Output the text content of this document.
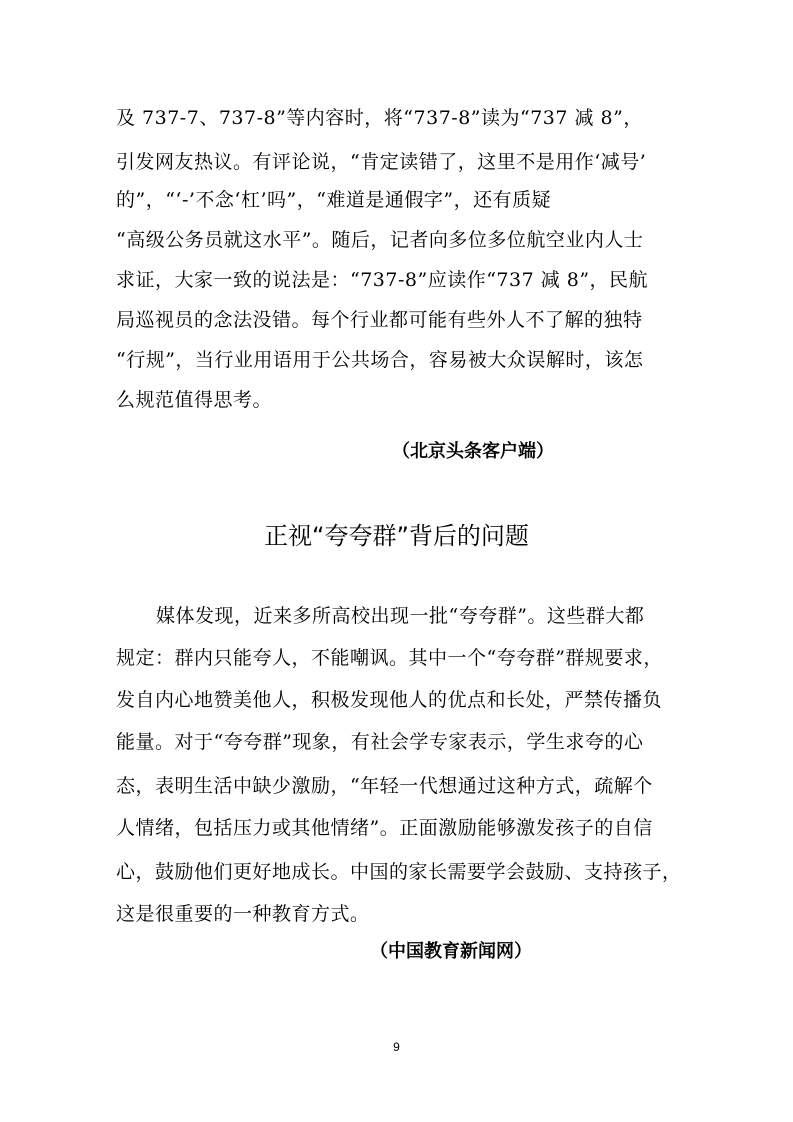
及 737-7、737-8”等内容时，将“737-8”读为“737 减 8”，
引发网友热议。有评论说，“肯定读错了，这里不是用作‘减号’
的”，“‘-’不念‘杠’吗”，“难道是通假字”，还有质疑
“高级公务员就这水平”。随后，记者向多位多位航空业内人士
求证，大家一致的说法是：“737-8”应读作“737 减 8”，民航
局巡视员的念法没错。每个行业都可能有些外人不了解的独特
“行规”，当行业用语用于公共场合，容易被大众误解时，该怎
么规范值得思考。
（北京头条客户端）
正视“夸夸群”背后的问题
媒体发现，近来多所高校出现一批“夸夸群”。这些群大都
规定：群内只能夸人，不能嘲讽。其中一个“夸夸群”群规要求，
发自内心地赞美他人，积极发现他人的优点和长处，严禁传播负
能量。对于“夸夸群”现象，有社会学专家表示，学生求夸的心
态，表明生活中缺少激励，“年轻一代想通过这种方式，疏解个
人情绪，包括压力或其他情绪”。正面激励能够激发孩子的自信
心，鼓励他们更好地成长。中国的家长需要学会鼓励、支持孩子，
这是很重要的一种教育方式。
（中国教育新闻网）
9
